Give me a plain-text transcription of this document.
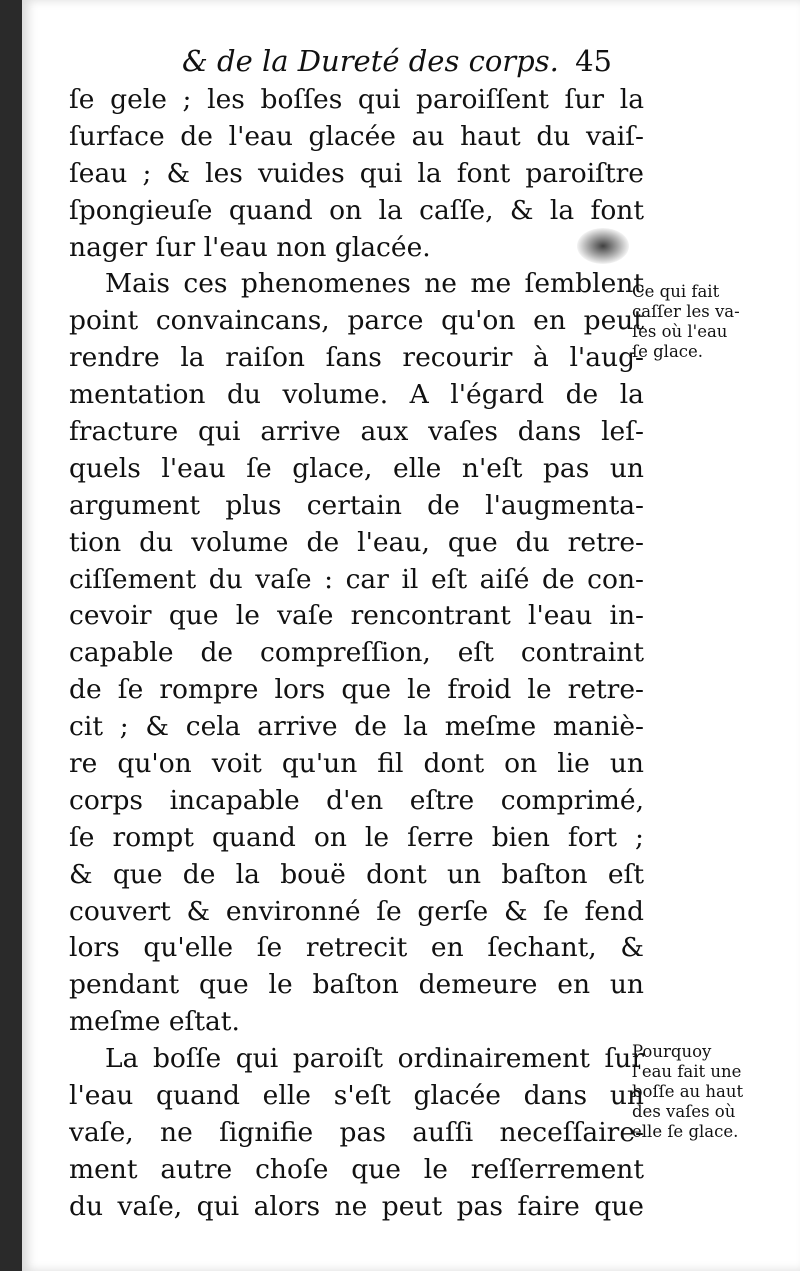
& de la Dureté des corps. 45
ſe gele ; les boſſes qui paroiſſent ſur la
ſurface de l'eau glacée au haut du vaiſ-
ſeau ; & les vuides qui la font paroiſtre
ſpongieuſe quand on la caſſe, & la font
nager ſur l'eau non glacée.
Mais ces phenomenes ne me ſemblent
point convaincans, parce qu'on en peut
rendre la raiſon ſans recourir à l'aug-
mentation du volume. A l'égard de la
fracture qui arrive aux vaſes dans leſ-
quels l'eau ſe glace, elle n'eſt pas un
argument plus certain de l'augmenta-
tion du volume de l'eau, que du retre-
ciſſement du vaſe : car il eſt aiſé de con-
cevoir que le vaſe rencontrant l'eau in-
capable de compreſſion, eſt contraint
de ſe rompre lors que le froid le retre-
cit ; & cela arrive de la meſme maniè-
re qu'on voit qu'un fil dont on lie un
corps incapable d'en eſtre comprimé,
ſe rompt quand on le ſerre bien fort ;
& que de la bouë dont un baſton eſt
couvert & environné ſe gerſe & ſe fend
lors qu'elle ſe retrecit en ſechant, &
pendant que le baſton demeure en un
meſme eſtat.
La boſſe qui paroiſt ordinairement ſur
l'eau quand elle s'eſt glacée dans un
vaſe, ne ſignifie pas auſſi neceſſaire-
ment autre choſe que le reſſerrement
du vaſe, qui alors ne peut pas faire que
Ce qui fait
caſſer les va-
ſes où l'eau
ſe glace.
Pourquoy
l'eau fait une
boſſe au haut
des vaſes où
elle ſe glace.
